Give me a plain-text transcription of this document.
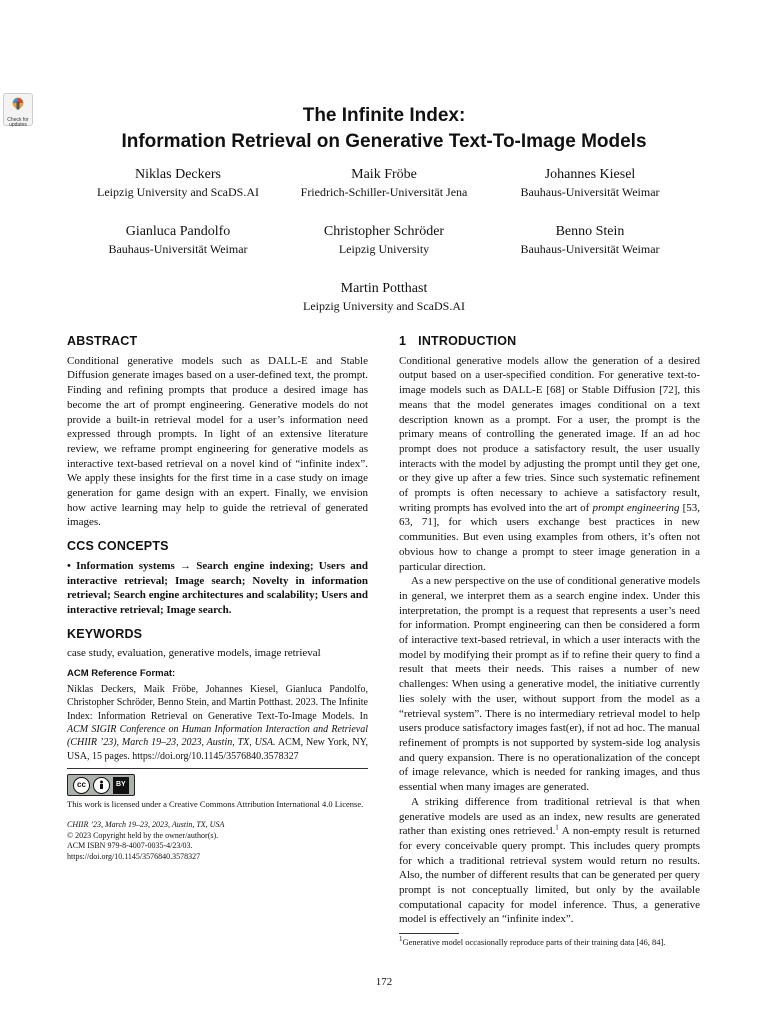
Check for updates	The Infinite Index:
Information Retrieval on Generative Text-To-Image Models
Niklas Deckers
Leipzig University and ScaDS.AI
Maik Fröbe
Friedrich-Schiller-Universität Jena
Johannes Kiesel
Bauhaus-Universität Weimar
Gianluca Pandolfo
Bauhaus-Universität Weimar
Christopher Schröder
Leipzig University
Benno Stein
Bauhaus-Universität Weimar
Martin Potthast
Leipzig University and ScaDS.AI
ABSTRACT

Conditional generative models such as DALL-E and Stable Diffusion generate images based on a user-defined text, the prompt. Finding and refining prompts that produce a desired image has become the art of prompt engineering. Generative models do not provide a built-in retrieval model for a user’s information need expressed through prompts. In light of an extensive literature review, we reframe prompt engineering for generative models as interactive text-based retrieval on a novel kind of “infinite index”. We apply these insights for the first time in a case study on image generation for game design with an expert. Finally, we envision how active learning may help to guide the retrieval of generated images.

CCS CONCEPTS

• Information systems → Search engine indexing; Users and interactive retrieval; Image search; Novelty in information retrieval; Search engine architectures and scalability; Users and interactive retrieval; Image search.

KEYWORDS

case study, evaluation, generative models, image retrieval

ACM Reference Format:

Niklas Deckers, Maik Fröbe, Johannes Kiesel, Gianluca Pandolfo, Christopher Schröder, Benno Stein, and Martin Potthast. 2023. The Infinite Index: Information Retrieval on Generative Text-To-Image Models. In ACM SIGIR Conference on Human Information Interaction and Retrieval (CHIIR ’23), March 19–23, 2023, Austin, TX, USA. ACM, New York, NY, USA, 15 pages. https://doi.org/10.1145/3576840.3578327

cc	BY
This work is licensed under a Creative Commons Attribution International 4.0 License.
CHIIR ’23, March 19–23, 2023, Austin, TX, USA
© 2023 Copyright held by the owner/author(s).
ACM ISBN 979-8-4007-0035-4/23/03.
https://doi.org/10.1145/3576840.3578327
1 INTRODUCTION

Conditional generative models allow the generation of a desired output based on a user-specified condition. For generative text-to-image models such as DALL-E [68] or Stable Diffusion [72], this means that the model generates images conditional on a text description known as a prompt. For a user, the prompt is the primary means of controlling the generated image. If an ad hoc prompt does not produce a satisfactory result, the user usually interacts with the model by adjusting the prompt until they get one, or they give up after a few tries. Since such systematic refinement of prompts is often necessary to achieve a satisfactory result, writing prompts has evolved into the art of prompt engineering [53, 63, 71], for which users exchange best practices in new communities. But even using examples from others, it’s often not obvious how to change a prompt to steer image generation in a particular direction.

As a new perspective on the use of conditional generative models in general, we interpret them as a search engine index. Under this interpretation, the prompt is a request that represents a user’s need for information. Prompt engineering can then be considered a form of interactive text-based retrieval, in which a user interacts with the model by modifying their prompt as if to refine their query to find a result that meets their needs. This raises a number of new challenges: When using a generative model, the initiative currently lies solely with the user, without support from the model as a “retrieval system”. There is no intermediary retrieval model to help users produce satisfactory images fast(er), if not ad hoc. The manual refinement of prompts is not supported by system-side log analysis and query expansion. There is no operationalization of the concept of image relevance, which is needed for ranking images, and thus essential when many images are generated.

A striking difference from traditional retrieval is that when generative models are used as an index, new results are generated rather than existing ones retrieved.$^1$ A non-empty result is returned for every conceivable query prompt. This includes query prompts for which a traditional retrieval system would return no results. Also, the number of different results that can be generated per query prompt is not conceptually limited, but only by the available computational capacity for model inference. Thus, a generative model is effectively an “infinite index”.

$^1$Generative model occasionally reproduce parts of their training data [46, 84].
172
